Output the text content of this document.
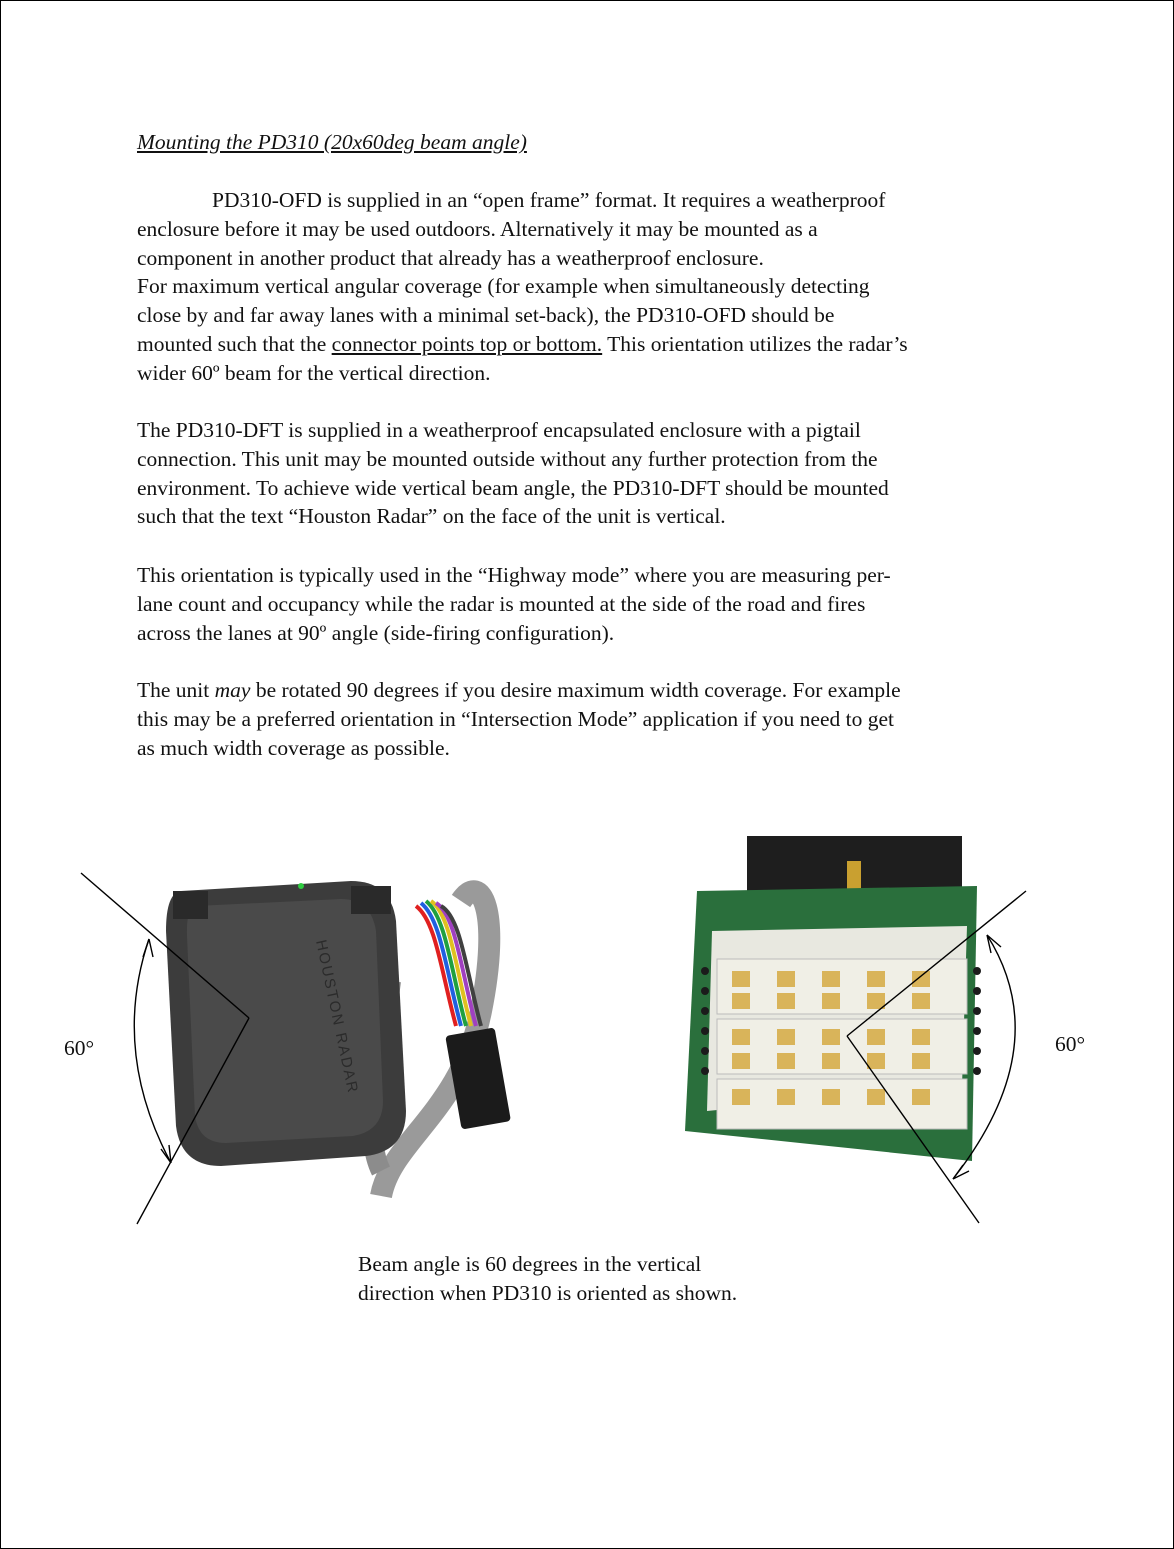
Mounting the PD310 (20x60deg beam angle)

PD310-OFD is supplied in an “open frame” format. It requires a weatherproof

enclosure before it may be used outdoors. Alternatively it may be mounted as a

component in another product that already has a weatherproof enclosure.

For maximum vertical angular coverage (for example when simultaneously detecting

close by and far away lanes with a minimal set-back), the PD310-OFD should be

mounted such that the connector points top or bottom. This orientation utilizes the radar’s

wider 60º beam for the vertical direction.

The PD310-DFT is supplied in a weatherproof encapsulated enclosure with a pigtail

connection. This unit may be mounted outside without any further protection from the

environment. To achieve wide vertical beam angle, the PD310-DFT should be mounted

such that the text “Houston Radar” on the face of the unit is vertical.

This orientation is typically used in the “Highway mode” where you are measuring per-

lane count and occupancy while the radar is mounted at the side of the road and fires

across the lanes at 90º angle (side-firing configuration).

The unit may be rotated 90 degrees if you desire maximum width coverage. For example

this may be a preferred orientation in “Intersection Mode” application if you need to get

as much width coverage as possible.

HOUSTON RADAR
60°	60°

Beam angle is 60 degrees in the vertical

direction when PD310 is oriented as shown.
